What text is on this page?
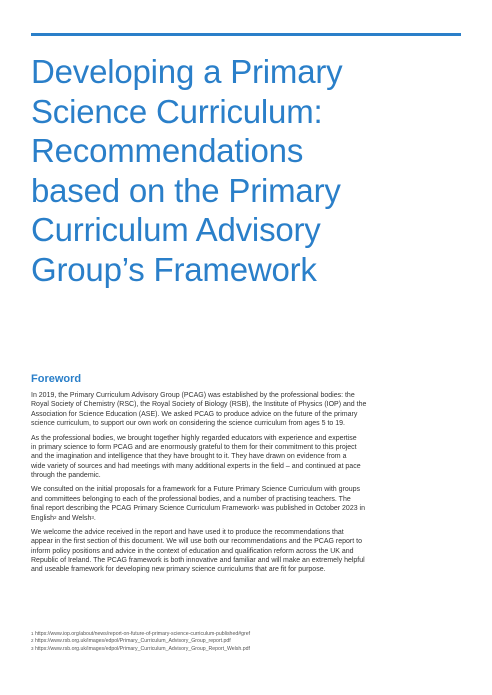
Developing a Primary
Science Curriculum:
Recommendations
based on the Primary
Curriculum Advisory
Group’s Framework
Foreword

In 2019, the Primary Curriculum Advisory Group (PCAG) was established by the professional bodies: the
Royal Society of Chemistry (RSC), the Royal Society of Biology (RSB), the Institute of Physics (IOP) and the
Association for Science Education (ASE). We asked PCAG to produce advice on the future of the primary
science curriculum, to support our own work on considering the science curriculum from ages 5 to 19.

As the professional bodies, we brought together highly regarded educators with experience and expertise
in primary science to form PCAG and are enormously grateful to them for their commitment to this project
and the imagination and intelligence that they have brought to it. They have drawn on evidence from a
wide variety of sources and had meetings with many additional experts in the field – and continued at pace
through the pandemic.

We consulted on the initial proposals for a framework for a Future Primary Science Curriculum with groups
and committees belonging to each of the professional bodies, and a number of practising teachers. The
final report describing the PCAG Primary Science Curriculum Framework$^1$ was published in October 2023 in
English$^2$ and Welsh$^3$.

We welcome the advice received in the report and have used it to produce the recommendations that
appear in the first section of this document. We will use both our recommendations and the PCAG report to
inform policy positions and advice in the context of education and qualification reform across the UK and
Republic of Ireland. The PCAG framework is both innovative and familiar and will make an extremely helpful
and useable framework for developing new primary science curriculums that are fit for purpose.

$^1$ https://www.iop.org/about/news/report-on-future-of-primary-science-curriculum-published#gref
$^2$ https://www.rsb.org.uk/images/edpol/Primary_Curriculum_Advisory_Group_report.pdf
$^3$ https://www.rsb.org.uk/images/edpol/Primary_Curriculum_Advisory_Group_Report_Welsh.pdf
